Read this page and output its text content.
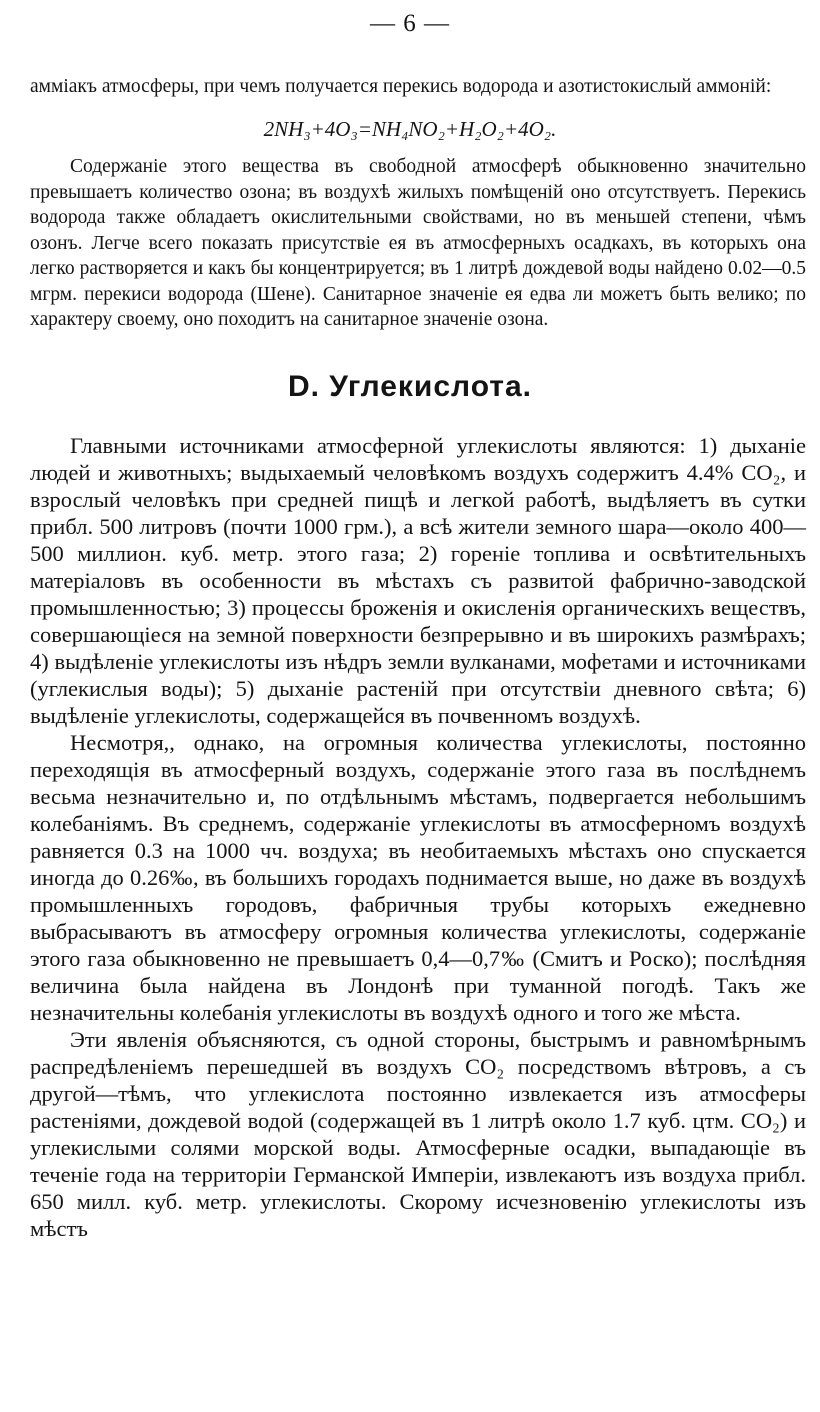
— 6 —
амміакъ атмосферы, при чемъ получается перекись водорода и азотистокислый аммоній:
2NH₃+4O₃=NH₄NO₂+H₂O₂+4O₂.

Содержаніе этого вещества въ свободной атмосферѣ обыкновенно значительно превышаетъ количество озона; въ воздухѣ жилыхъ помѣщеній оно отсутствуетъ. Перекись водорода также обладаетъ окислительными свойствами, но въ меньшей степени, чѣмъ озонъ. Легче всего показать присутствіе ея въ атмосферныхъ осадкахъ, въ которыхъ она легко растворяется и какъ бы концентрируется; въ 1 литрѣ дождевой воды найдено 0.02—0.5 мгрм. перекиси водорода (Шене). Санитарное значеніе ея едва ли можетъ быть велико; по характеру своему, оно походитъ на санитарное значеніе озона.

D. Углекислота.

Главными источниками атмосферной углекислоты являются: 1) дыханіе людей и животныхъ; выдыхаемый человѣкомъ воздухъ содержитъ 4.4% CO₂, и взрослый человѣкъ при средней пищѣ и легкой работѣ, выдѣляетъ въ сутки прибл. 500 литровъ (почти 1000 грм.), а всѣ жители земного шара—около 400—500 миллион. куб. метр. этого газа; 2) гореніе топлива и освѣтительныхъ матеріаловъ въ особенности въ мѣстахъ съ развитой фабрично-заводской промышленностью; 3) процессы броженія и окисленія органическихъ веществъ, совершающіеся на земной поверхности безпрерывно и въ широкихъ размѣрахъ; 4) выдѣленіе углекислоты изъ нѣдръ земли вулканами, мофетами и источниками (углекислыя воды); 5) дыханіе растеній при отсутствіи дневного свѣта; 6) выдѣленіе углекислоты, содержащейся въ почвенномъ воздухѣ.

Несмотря,, однако, на огромныя количества углекислоты, постоянно переходящія въ атмосферный воздухъ, содержаніе этого газа въ послѣднемъ весьма незначительно и, по отдѣльнымъ мѣстамъ, подвергается небольшимъ колебаніямъ. Въ среднемъ, содержаніе углекислоты въ атмосферномъ воздухѣ равняется 0.3 на 1000 чч. воздуха; въ необитаемыхъ мѣстахъ оно спускается иногда до 0.26‰, въ большихъ городахъ поднимается выше, но даже въ воздухѣ промышленныхъ городовъ, фабричныя трубы которыхъ ежедневно выбрасываютъ въ атмосферу огромныя количества углекислоты, содержаніе этого газа обыкновенно не превышаетъ 0,4—0,7‰ (Смитъ и Роско); послѣдняя величина была найдена въ Лондонѣ при туманной погодѣ. Такъ же незначительны колебанія углекислоты въ воздухѣ одного и того же мѣста.

Эти явленія объясняются, съ одной стороны, быстрымъ и равномѣрнымъ распредѣленіемъ перешедшей въ воздухъ CO₂ посредствомъ вѣтровъ, а съ другой—тѣмъ, что углекислота постоянно извлекается изъ атмосферы растеніями, дождевой водой (содержащей въ 1 литрѣ около 1.7 куб. цтм. CO₂) и углекислыми солями морской воды. Атмосферные осадки, выпадающіе въ теченіе года на территоріи Германской Имперіи, извлекаютъ изъ воздуха прибл. 650 милл. куб. метр. углекислоты. Скорому исчезновенію углекислоты изъ мѣстъ
